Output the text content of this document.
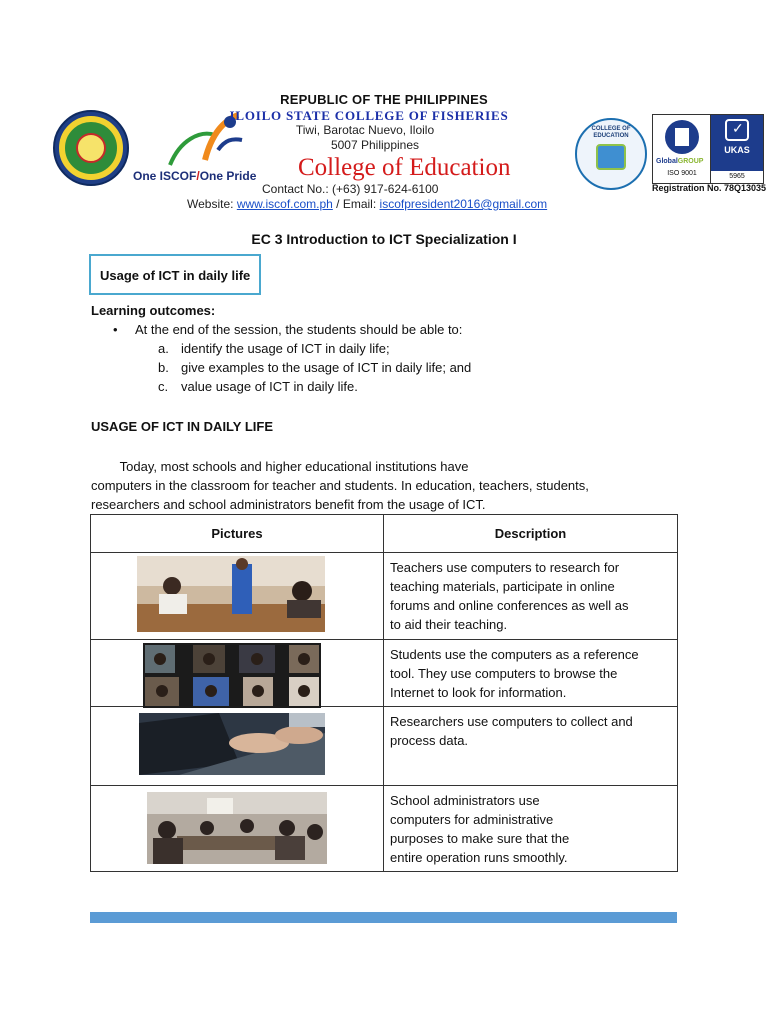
One ISCOF/One Pride
REPUBLIC OF THE PHILIPPINES
ILOILO STATE COLLEGE OF FISHERIES
Tiwi, Barotac Nuevo, Iloilo
5007 Philippines
College of Education
Contact No.: (+63) 917-624-6100
Website: www.iscof.com.ph / Email: iscofpresident2016@gmail.com
COLLEGE OF EDUCATION
GlobalGROUP
ISO 9001
✓
UKAS
5965
Registration No. 78Q13035
EC 3 Introduction to ICT Specialization I
Usage of ICT in daily life
Learning outcomes:
• At the end of the session, the students should be able to:
a. identify the usage of ICT in daily life;
b. give examples to the usage of ICT in daily life; and
c. value usage of ICT in daily life.
USAGE OF ICT IN DAILY LIFE
Today, most schools and higher educational institutions have
computers in the classroom for teacher and students. In education, teachers, students,
researchers and school administrators benefit from the usage of ICT.
Pictures	Description

Teachers use computers to research for
teaching materials, participate in online
forums and online conferences as well as
to aid their teaching.

Students use the computers as a reference
tool. They use computers to browse the
Internet to look for information.

Researchers use computers to collect and
process data.

School administrators use
computers for administrative
purposes to make sure that the
entire operation runs smoothly.
